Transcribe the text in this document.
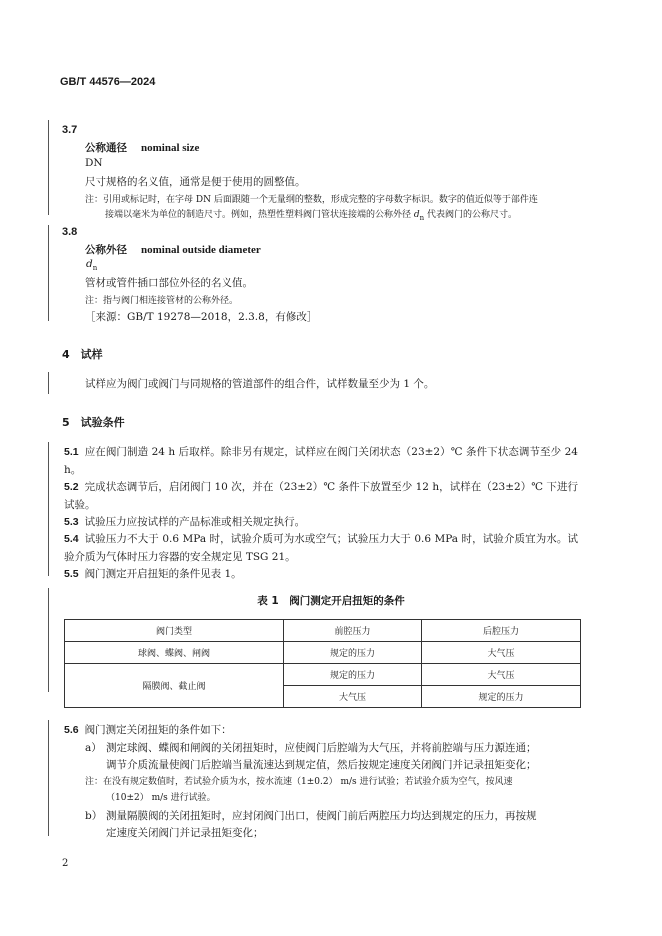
GB/T 44576—2024
3.7
公称通径 nominal size
DN
尺寸规格的名义值，通常是便于使用的圆整值。
注：引用或标记时，在字母 DN 后面跟随一个无量纲的整数，形成完整的字母数字标识。数字的值近似等于部件连
接端以毫米为单位的制造尺寸。例如，热塑性塑料阀门管状连接端的公称外径 $d_n$ 代表阀门的公称尺寸。
3.8
公称外径 nominal outside diameter
$d_n$
管材或管件插口部位外径的名义值。
注：指与阀门相连接管材的公称外径。
［来源：GB/T 19278—2018，2.3.8，有修改］
4　试样
试样应为阀门或阀门与同规格的管道部件的组合件，试样数量至少为 1 个。
5　试验条件
5.1 应在阀门制造 24 h 后取样。除非另有规定，试样应在阀门关闭状态（23±2）℃ 条件下状态调节至少 24 h。
5.2 完成状态调节后，启闭阀门 10 次，并在（23±2）℃ 条件下放置至少 12 h，试样在（23±2）℃ 下进行试验。
5.3 试验压力应按试样的产品标准或相关规定执行。
5.4 试验压力不大于 0.6 MPa 时，试验介质可为水或空气；试验压力大于 0.6 MPa 时，试验介质宜为水。试验介质为气体时压力容器的安全规定见 TSG 21。
5.5 阀门测定开启扭矩的条件见表 1。
表 1　阀门测定开启扭矩的条件
阀门类型	前腔压力	后腔压力
球阀、蝶阀、闸阀	规定的压力	大气压
隔膜阀、截止阀	规定的压力	大气压
	大气压	规定的压力
5.6 阀门测定关闭扭矩的条件如下：
a） 测定球阀、蝶阀和闸阀的关闭扭矩时，应使阀门后腔端为大气压，并将前腔端与压力源连通；
调节介质流量使阀门后腔端当量流速达到规定值，然后按规定速度关闭阀门并记录扭矩变化；
注：在没有规定数值时，若试验介质为水，按水流速（1±0.2） m/s 进行试验；若试验介质为空气，按风速
（10±2） m/s 进行试验。
b） 测量隔膜阀的关闭扭矩时，应封闭阀门出口，使阀门前后两腔压力均达到规定的压力，再按规
定速度关闭阀门并记录扭矩变化；
2
